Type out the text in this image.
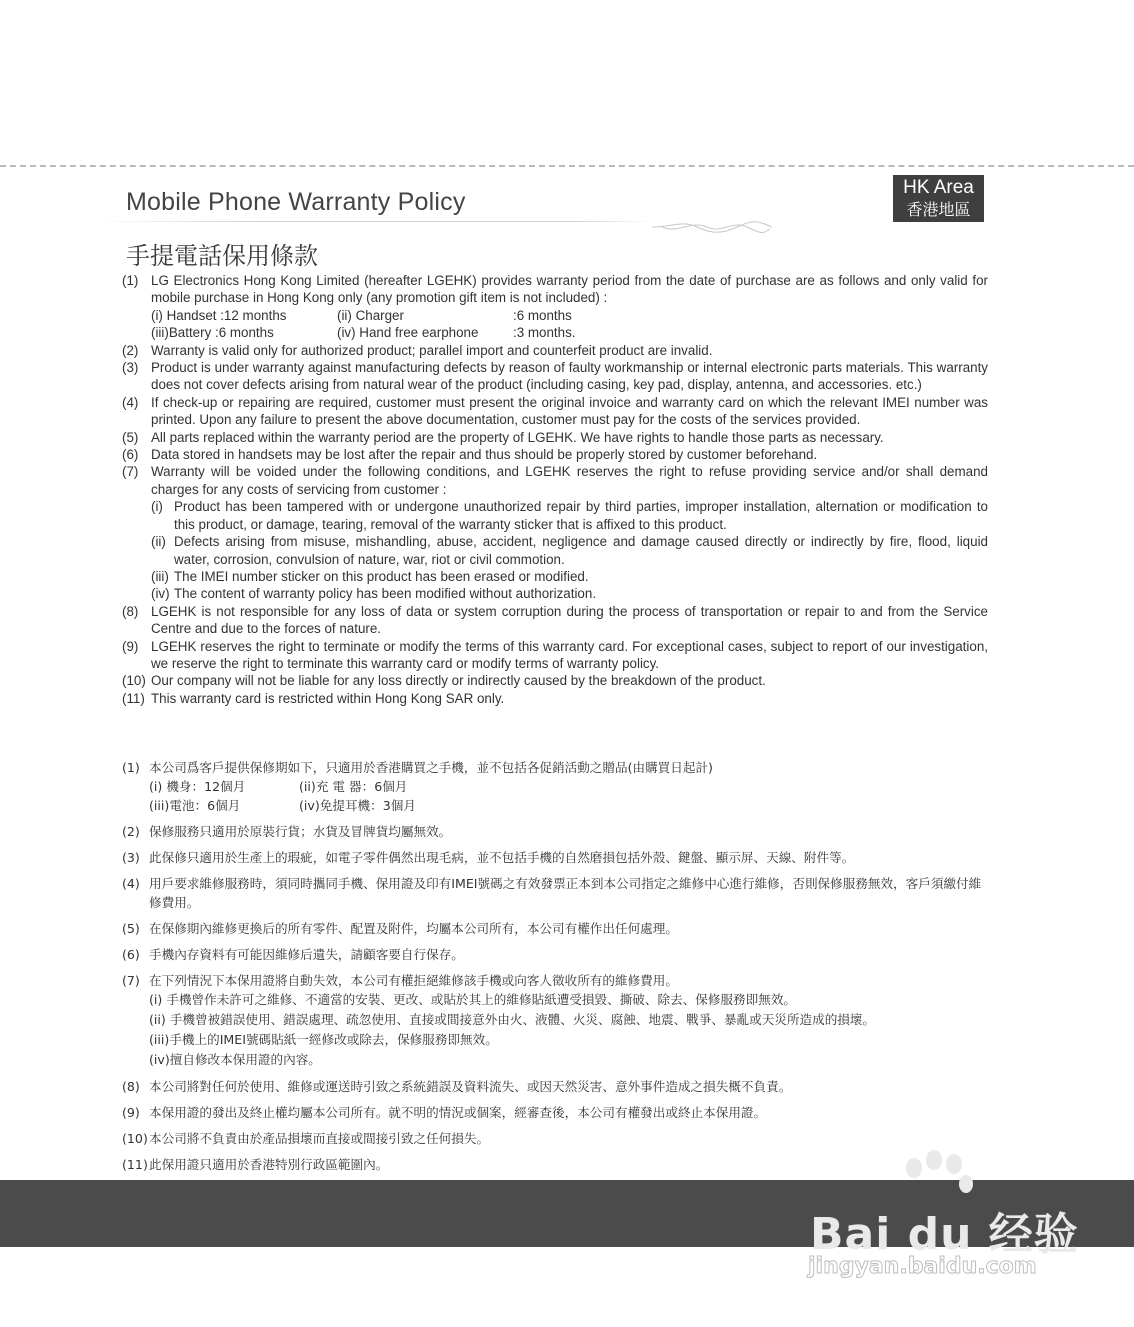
Mobile Phone Warranty Policy
HK Area
香港地區
手提電話保用條款
(1) LG Electronics Hong Kong Limited (hereafter LGEHK) provides warranty period from the date of purchase are as follows and only valid for mobile purchase in Hong Kong only (any promotion gift item is not included) :
(i) Handset :12 months	(ii) Charger	:6 months
(iii)Battery :6 months	(iv) Hand free earphone	:3 months.
(2) Warranty is valid only for authorized product; parallel import and counterfeit product are invalid.
(3) Product is under warranty against manufacturing defects by reason of faulty workmanship or internal electronic parts materials. This warranty does not cover defects arising from natural wear of the product (including casing, key pad, display, antenna, and accessories. etc.)
(4) If check-up or repairing are required, customer must present the original invoice and warranty card on which the relevant IMEI number was printed. Upon any failure to present the above documentation, customer must pay for the costs of the services provided.
(5) All parts replaced within the warranty period are the property of LGEHK. We have rights to handle those parts as necessary.
(6) Data stored in handsets may be lost after the repair and thus should be properly stored by customer beforehand.
(7) Warranty will be voided under the following conditions, and LGEHK reserves the right to refuse providing service and/or shall demand charges for any costs of servicing from customer :
(i) Product has been tampered with or undergone unauthorized repair by third parties, improper installation, alternation or modification to this product, or damage, tearing, removal of the warranty sticker that is affixed to this product.
(ii) Defects arising from misuse, mishandling, abuse, accident, negligence and damage caused directly or indirectly by fire, flood, liquid water, corrosion, convulsion of nature, war, riot or civil commotion.
(iii) The IMEI number sticker on this product has been erased or modified.
(iv) The content of warranty policy has been modified without authorization.
(8) LGEHK is not responsible for any loss of data or system corruption during the process of transportation or repair to and from the Service Centre and due to the forces of nature.
(9) LGEHK reserves the right to terminate or modify the terms of this warranty card. For exceptional cases, subject to report of our investigation, we reserve the right to terminate this warranty card or modify terms of warranty policy.
(10) Our company will not be liable for any loss directly or indirectly caused by the breakdown of the product.
(11) This warranty card is restricted within Hong Kong SAR only.
(1) 本公司爲客戶提供保修期如下，只適用於香港購買之手機，並不包括各促銷活動之贈品(由購買日起計)
(i) 機身：12個月	(ii)充 電 器：6個月
(iii)電池：6個月	(iv)免提耳機：3個月
(2) 保修服務只適用於原裝行貨；水貨及冒牌貨均屬無效。
(3) 此保修只適用於生產上的瑕疵，如電子零件偶然出現毛病，並不包括手機的自然磨損包括外殼、鍵盤、顯示屏、天線、附件等。
(4) 用戶要求維修服務時，須同時攜同手機、保用證及印有IMEI號碼之有效發票正本到本公司指定之維修中心進行維修，否則保修服務無效，客戶須繳付維修費用。
(5) 在保修期內維修更換后的所有零件、配置及附件，均屬本公司所有，本公司有權作出任何處理。
(6) 手機內存資料有可能因維修后遺失，請顧客要自行保存。
(7) 在下列情況下本保用證將自動失效，本公司有權拒絕維修該手機或向客人徵收所有的維修費用。
(i) 手機曾作未許可之維修、不適當的安裝、更改、或貼於其上的維修貼紙遭受損毀、撕破、除去、保修服務即無效。
(ii) 手機曾被錯誤使用、錯誤處理、疏忽使用、直接或間接意外由火、液體、火災、腐蝕、地震、戰爭、暴亂或天災所造成的損壞。
(iii)手機上的IMEI號碼貼紙一經修改或除去，保修服務即無效。
(iv)擅自修改本保用證的內容。
(8) 本公司將對任何於使用、維修或運送時引致之系統錯誤及資料流失、或因天然災害、意外事件造成之損失概不負責。
(9) 本保用證的發出及終止權均屬本公司所有。就不明的情況或個案，經審查後，本公司有權發出或終止本保用證。
(10) 本公司將不負責由於產品損壞而直接或間接引致之任何損失。
(11) 此保用證只適用於香港特別行政區範圍內。
Bai du 经验
jingyan.baidu.com
